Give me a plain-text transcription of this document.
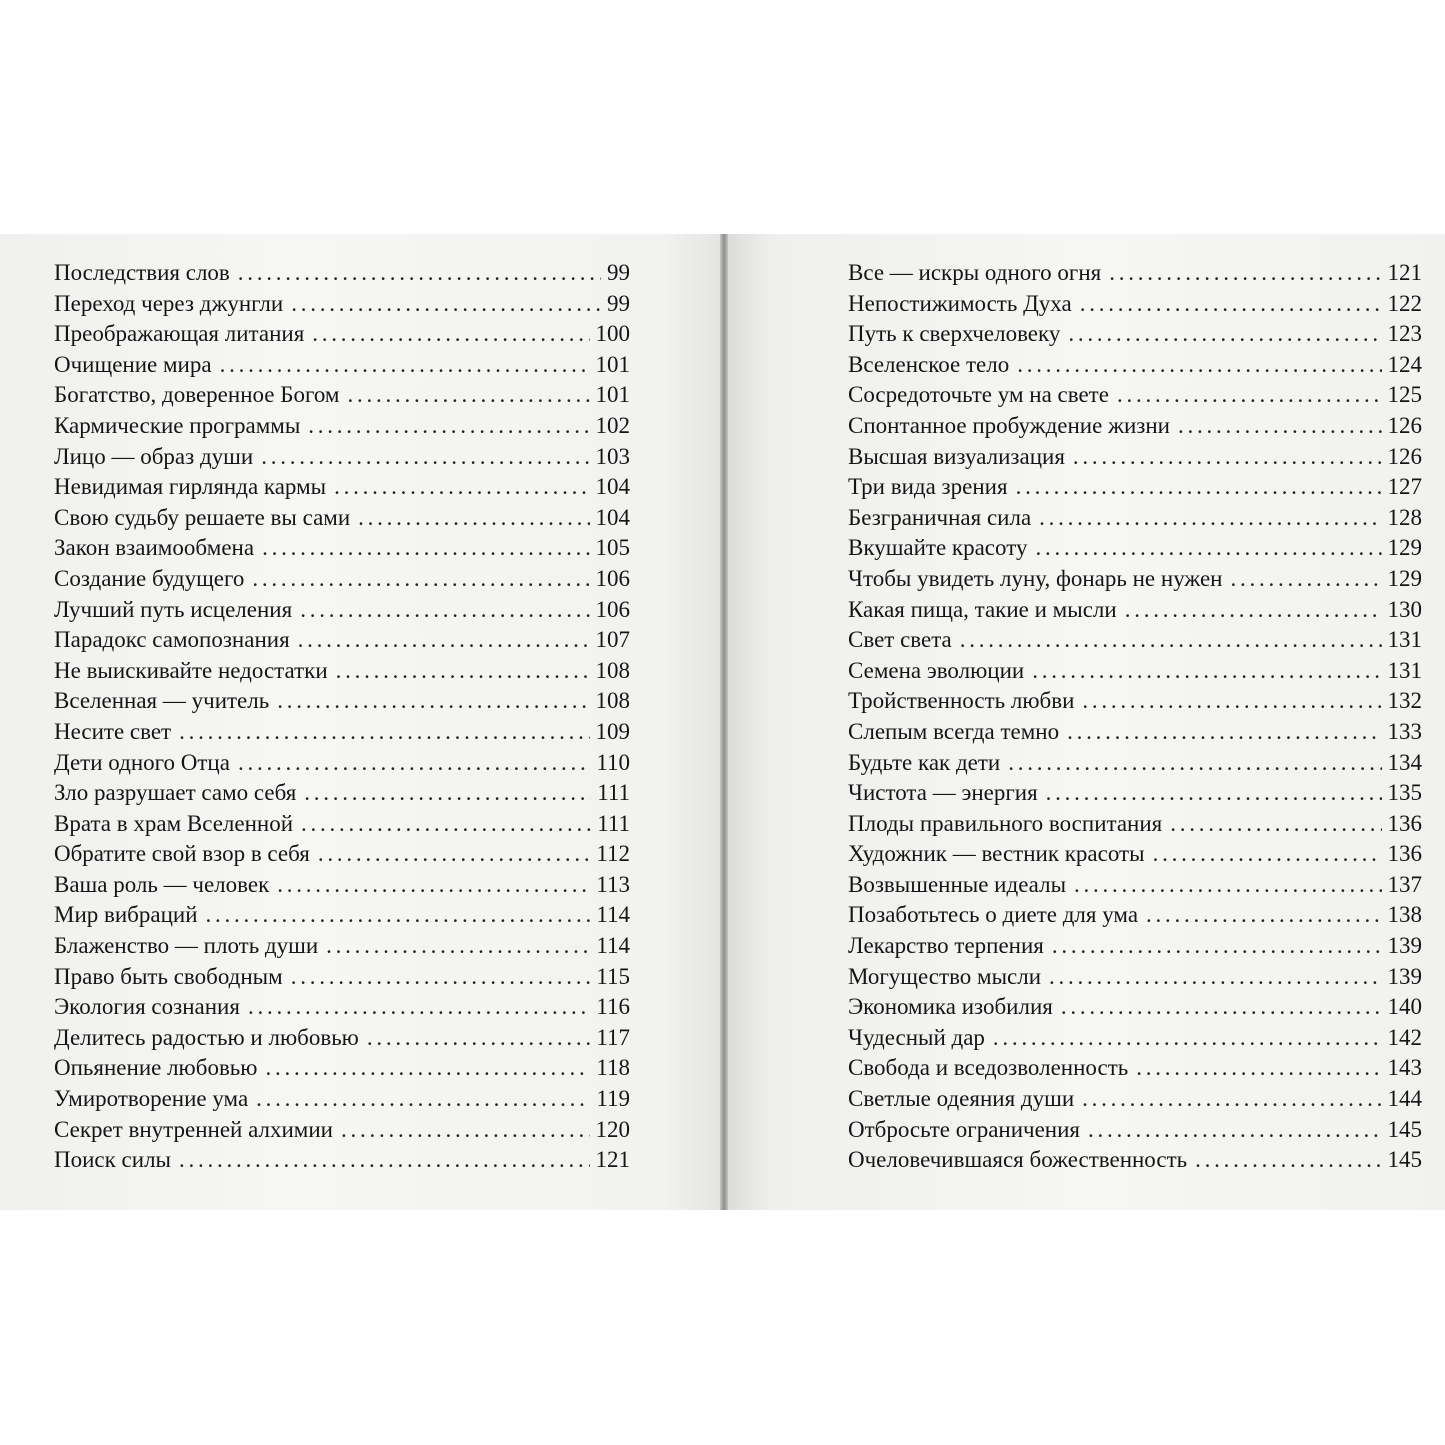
Последствия слов . . .	99
Переход через джунгли . . .	99
Преображающая литания . . .	100
Очищение мира . . .	101
Богатство, доверенное Богом . . .	101
Кармические программы . . .	102
Лицо — образ души . . .	103
Невидимая гирлянда кармы . . .	104
Свою судьбу решаете вы сами . . .	104
Закон взаимообмена . . .	105
Создание будущего . . .	106
Лучший путь исцеления . . .	106
Парадокс самопознания . . .	107
Не выискивайте недостатки . . .	108
Вселенная — учитель . . .	108
Несите свет . . .	109
Дети одного Отца . . .	110
Зло разрушает само себя . . .	111
Врата в храм Вселенной . . .	111
Обратите свой взор в себя . . .	112
Ваша роль — человек . . .	113
Мир вибраций . . .	114
Блаженство — плоть души . . .	114
Право быть свободным . . .	115
Экология сознания . . .	116
Делитесь радостью и любовью . . .	117
Опьянение любовью . . .	118
Умиротворение ума . . .	119
Секрет внутренней алхимии . . .	120
Поиск силы . . .	121
Все — искры одного огня . . .	121
Непостижимость Духа . . .	122
Путь к сверхчеловеку . . .	123
Вселенское тело . . .	124
Сосредоточьте ум на свете . . .	125
Спонтанное пробуждение жизни . . .	126
Высшая визуализация . . .	126
Три вида зрения . . .	127
Безграничная сила . . .	128
Вкушайте красоту . . .	129
Чтобы увидеть луну, фонарь не нужен . . .	129
Какая пища, такие и мысли . . .	130
Свет света . . .	131
Семена эволюции . . .	131
Тройственность любви . . .	132
Слепым всегда темно . . .	133
Будьте как дети . . .	134
Чистота — энергия . . .	135
Плоды правильного воспитания . . .	136
Художник — вестник красоты . . .	136
Возвышенные идеалы . . .	137
Позаботьтесь о диете для ума . . .	138
Лекарство терпения . . .	139
Могущество мысли . . .	139
Экономика изобилия . . .	140
Чудесный дар . . .	142
Свобода и вседозволенность . . .	143
Светлые одеяния души . . .	144
Отбросьте ограничения . . .	145
Очеловечившаяся божественность . . .	145
